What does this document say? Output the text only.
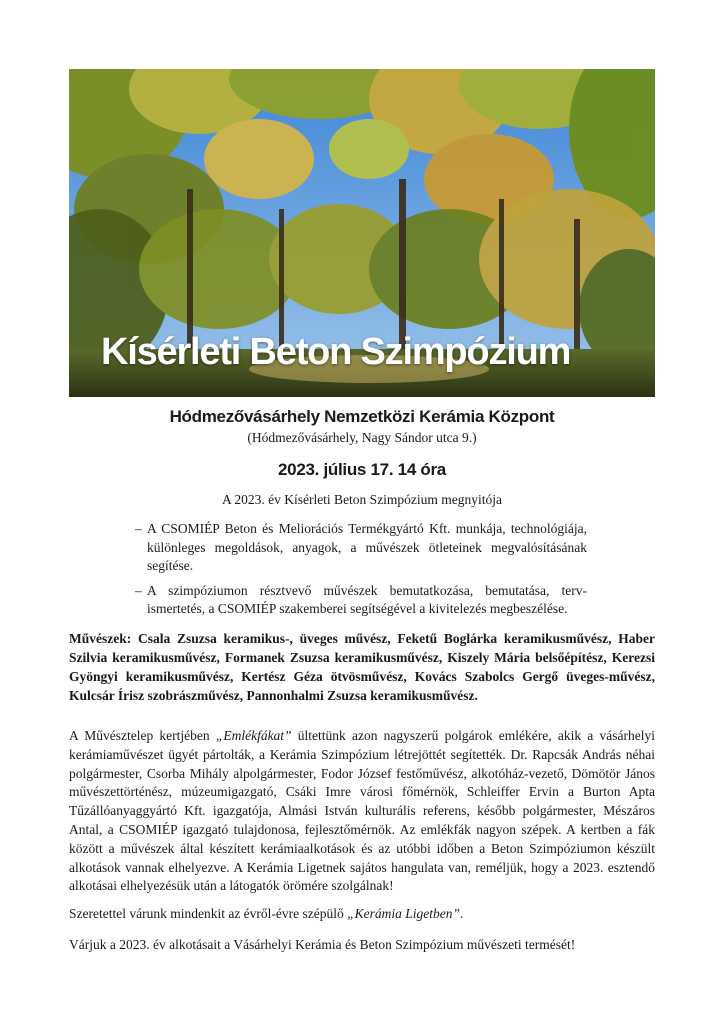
Kísérleti Beton Szimpózium
Hódmezővásárhely Nemzetközi Kerámia Központ
(Hódmezővásárhely, Nagy Sándor utca 9.)
2023. július 17. 14 óra
A 2023. év Kísérleti Beton Szimpózium megnyitója
– A CSOMIÉP Beton és Meliorációs Termékgyártó Kft. munkája, technológiája, különleges megoldások, anyagok, a művészek ötleteinek megvalósításának segítése.
– A szimpóziumon résztvevő művészek bemutatkozása, bemutatása, terv-ismertetés, a CSOMIÉP szakemberei segítségével a kivitelezés megbeszélése.

Művészek: Csala Zsuzsa keramikus-, üveges művész, Feketű Boglárka keramikusművész, Haber Szilvia keramikusművész, Formanek Zsuzsa keramikusművész, Kiszely Mária belsőépítész, Kerezsi Gyöngyi keramikusművész, Kertész Géza ötvösművész, Kovács Szabolcs Gergő üveges-művész, Kulcsár Írisz szobrászművész, Pannonhalmi Zsuzsa keramikusművész.

A Művésztelep kertjében „Emlékfákat” ültettünk azon nagyszerű polgárok emlékére, akik a vásárhelyi kerámiaművészet ügyét pártolták, a Kerámia Szimpózium létrejöttét segítették. Dr. Rapcsák András néhai polgármester, Csorba Mihály alpolgármester, Fodor József festőművész, alkotóház-vezető, Dömötör János művészettörténész, múzeumigazgató, Csáki Imre városi főmérnök, Schleiffer Ervin a Burton Apta Tűzállóanyaggyártó Kft. igazgatója, Almási István kulturális referens, később polgármester, Mészáros Antal, a CSOMIÉP igazgató tulajdonosa, fejlesztőmérnök. Az emlékfák nagyon szépek. A kertben a fák között a művészek által készített kerámiaalkotások és az utóbbi időben a Beton Szimpóziumon készült alkotások vannak elhelyezve. A Kerámia Ligetnek sajátos hangulata van, reméljük, hogy a 2023. esztendő alkotásai elhelyezésük után a látogatók örömére szolgálnak!

Szeretettel várunk mindenkit az évről-évre szépülő „Kerámia Ligetben”.

Várjuk a 2023. év alkotásait a Vásárhelyi Kerámia és Beton Szimpózium művészeti termését!
